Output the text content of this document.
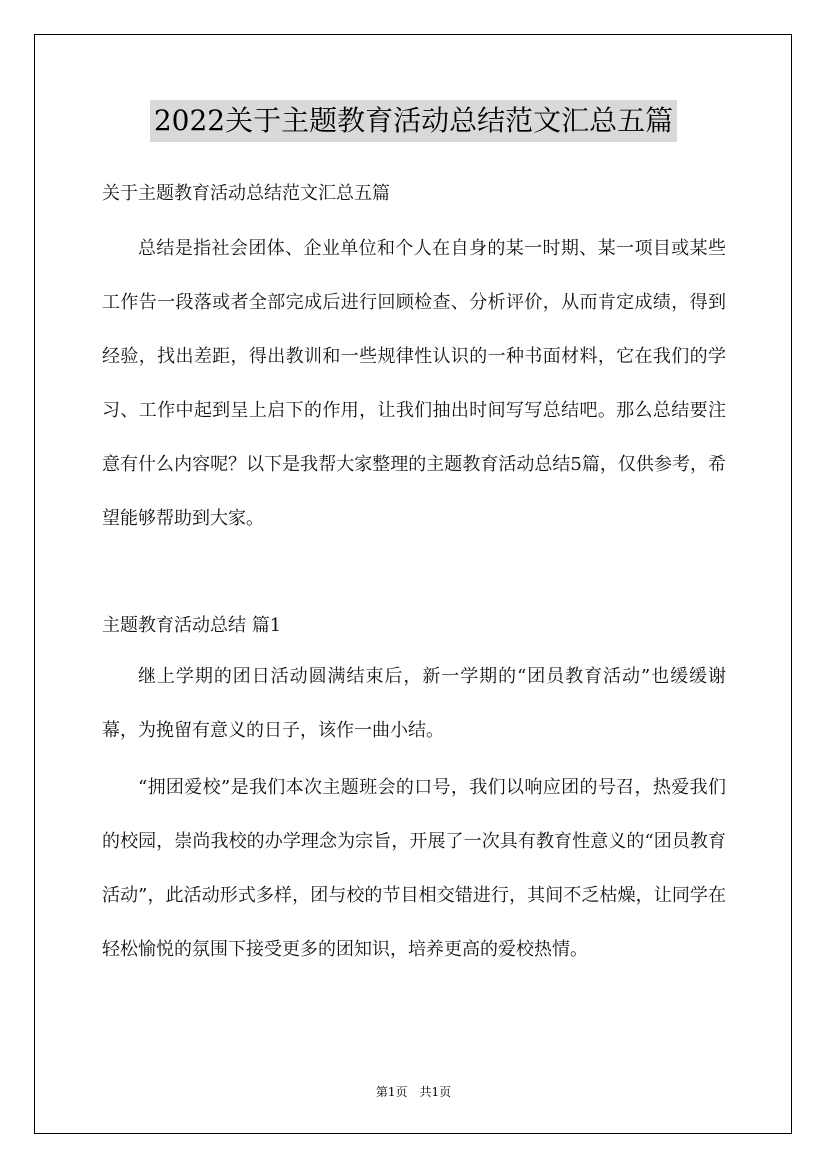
2022关于主题教育活动总结范文汇总五篇
关于主题教育活动总结范文汇总五篇

总结是指社会团体、企业单位和个人在自身的某一时期、某一项目或某些工作告一段落或者全部完成后进行回顾检查、分析评价，从而肯定成绩，得到经验，找出差距，得出教训和一些规律性认识的一种书面材料，它在我们的学习、工作中起到呈上启下的作用，让我们抽出时间写写总结吧。那么总结要注意有什么内容呢？以下是我帮大家整理的主题教育活动总结5篇，仅供参考，希望能够帮助到大家。

主题教育活动总结 篇1

继上学期的团日活动圆满结束后，新一学期的“团员教育活动”也缓缓谢幕，为挽留有意义的日子，该作一曲小结。

“拥团爱校”是我们本次主题班会的口号，我们以响应团的号召，热爱我们的校园，崇尚我校的办学理念为宗旨，开展了一次具有教育性意义的“团员教育活动”，此活动形式多样，团与校的节目相交错进行，其间不乏枯燥，让同学在轻松愉悦的氛围下接受更多的团知识，培养更高的爱校热情。

第1页 共1页
